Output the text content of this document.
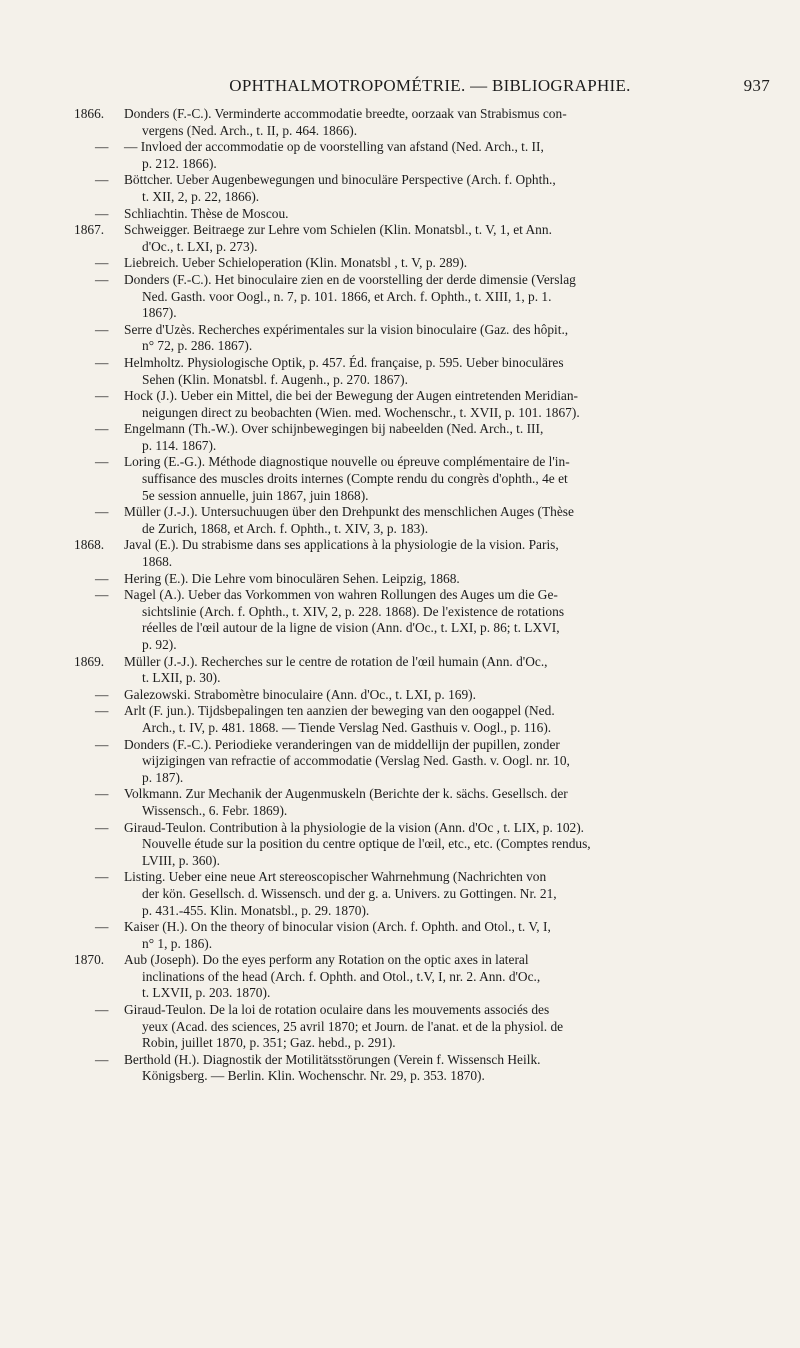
OPHTHALMOTROPOMÉTRIE. — BIBLIOGRAPHIE.	937
1866.	Donders (F.-C.). Verminderte accommodatie breedte, oorzaak van Strabismus con-
vergens (Ned. Arch., t. II, p. 464. 1866).
— — Invloed der accommodatie op de voorstelling van afstand (Ned. Arch., t. II,
p. 212. 1866).
— Böttcher. Ueber Augenbewegungen und binoculäre Perspective (Arch. f. Ophth.,
t. XII, 2, p. 22, 1866).
— Schliachtin. Thèse de Moscou.
1867.	Schweigger. Beitraege zur Lehre vom Schielen (Klin. Monatsbl., t. V, 1, et Ann.
d'Oc., t. LXI, p. 273).
— Liebreich. Ueber Schieloperation (Klin. Monatsbl , t. V, p. 289).
— Donders (F.-C.). Het binoculaire zien en de voorstelling der derde dimensie (Verslag
Ned. Gasth. voor Oogl., n. 7, p. 101. 1866, et Arch. f. Ophth., t. XIII, 1, p. 1.
1867).
— Serre d'Uzès. Recherches expérimentales sur la vision binoculaire (Gaz. des hôpit.,
n° 72, p. 286. 1867).
— Helmholtz. Physiologische Optik, p. 457. Éd. française, p. 595. Ueber binoculäres
Sehen (Klin. Monatsbl. f. Augenh., p. 270. 1867).
— Hock (J.). Ueber ein Mittel, die bei der Bewegung der Augen eintretenden Meridian-
neigungen direct zu beobachten (Wien. med. Wochenschr., t. XVII, p. 101. 1867).
— Engelmann (Th.-W.). Over schijnbewegingen bij nabeelden (Ned. Arch., t. III,
p. 114. 1867).
— Loring (E.-G.). Méthode diagnostique nouvelle ou épreuve complémentaire de l'in-
suffisance des muscles droits internes (Compte rendu du congrès d'ophth., 4e et
5e session annuelle, juin 1867, juin 1868).
— Müller (J.-J.). Untersuchuugen über den Drehpunkt des menschlichen Auges (Thèse
de Zurich, 1868, et Arch. f. Ophth., t. XIV, 3, p. 183).
1868.	Javal (E.). Du strabisme dans ses applications à la physiologie de la vision. Paris,
1868.
— Hering (E.). Die Lehre vom binoculären Sehen. Leipzig, 1868.
— Nagel (A.). Ueber das Vorkommen von wahren Rollungen des Auges um die Ge-
sichtslinie (Arch. f. Ophth., t. XIV, 2, p. 228. 1868). De l'existence de rotations
réelles de l'œil autour de la ligne de vision (Ann. d'Oc., t. LXI, p. 86; t. LXVI,
p. 92).
1869.	Müller (J.-J.). Recherches sur le centre de rotation de l'œil humain (Ann. d'Oc.,
t. LXII, p. 30).
— Galezowski. Strabomètre binoculaire (Ann. d'Oc., t. LXI, p. 169).
— Arlt (F. jun.). Tijdsbepalingen ten aanzien der beweging van den oogappel (Ned.
Arch., t. IV, p. 481. 1868. — Tiende Verslag Ned. Gasthuis v. Oogl., p. 116).
— Donders (F.-C.). Periodieke veranderingen van de middellijn der pupillen, zonder
wijzigingen van refractie of accommodatie (Verslag Ned. Gasth. v. Oogl. nr. 10,
p. 187).
— Volkmann. Zur Mechanik der Augenmuskeln (Berichte der k. sächs. Gesellsch. der
Wissensch., 6. Febr. 1869).
— Giraud-Teulon. Contribution à la physiologie de la vision (Ann. d'Oc , t. LIX, p. 102).
Nouvelle étude sur la position du centre optique de l'œil, etc., etc. (Comptes rendus,
LVIII, p. 360).
— Listing. Ueber eine neue Art stereoscopischer Wahrnehmung (Nachrichten von
der kön. Gesellsch. d. Wissensch. und der g. a. Univers. zu Gottingen. Nr. 21,
p. 431.-455. Klin. Monatsbl., p. 29. 1870).
— Kaiser (H.). On the theory of binocular vision (Arch. f. Ophth. and Otol., t. V, I,
n° 1, p. 186).
1870.	Aub (Joseph). Do the eyes perform any Rotation on the optic axes in lateral
inclinations of the head (Arch. f. Ophth. and Otol., t.V, I, nr. 2. Ann. d'Oc.,
t. LXVII, p. 203. 1870).
— Giraud-Teulon. De la loi de rotation oculaire dans les mouvements associés des
yeux (Acad. des sciences, 25 avril 1870; et Journ. de l'anat. et de la physiol. de
Robin, juillet 1870, p. 351; Gaz. hebd., p. 291).
— Berthold (H.). Diagnostik der Motilitätsstörungen (Verein f. Wissensch Heilk.
Königsberg. — Berlin. Klin. Wochenschr. Nr. 29, p. 353. 1870).
